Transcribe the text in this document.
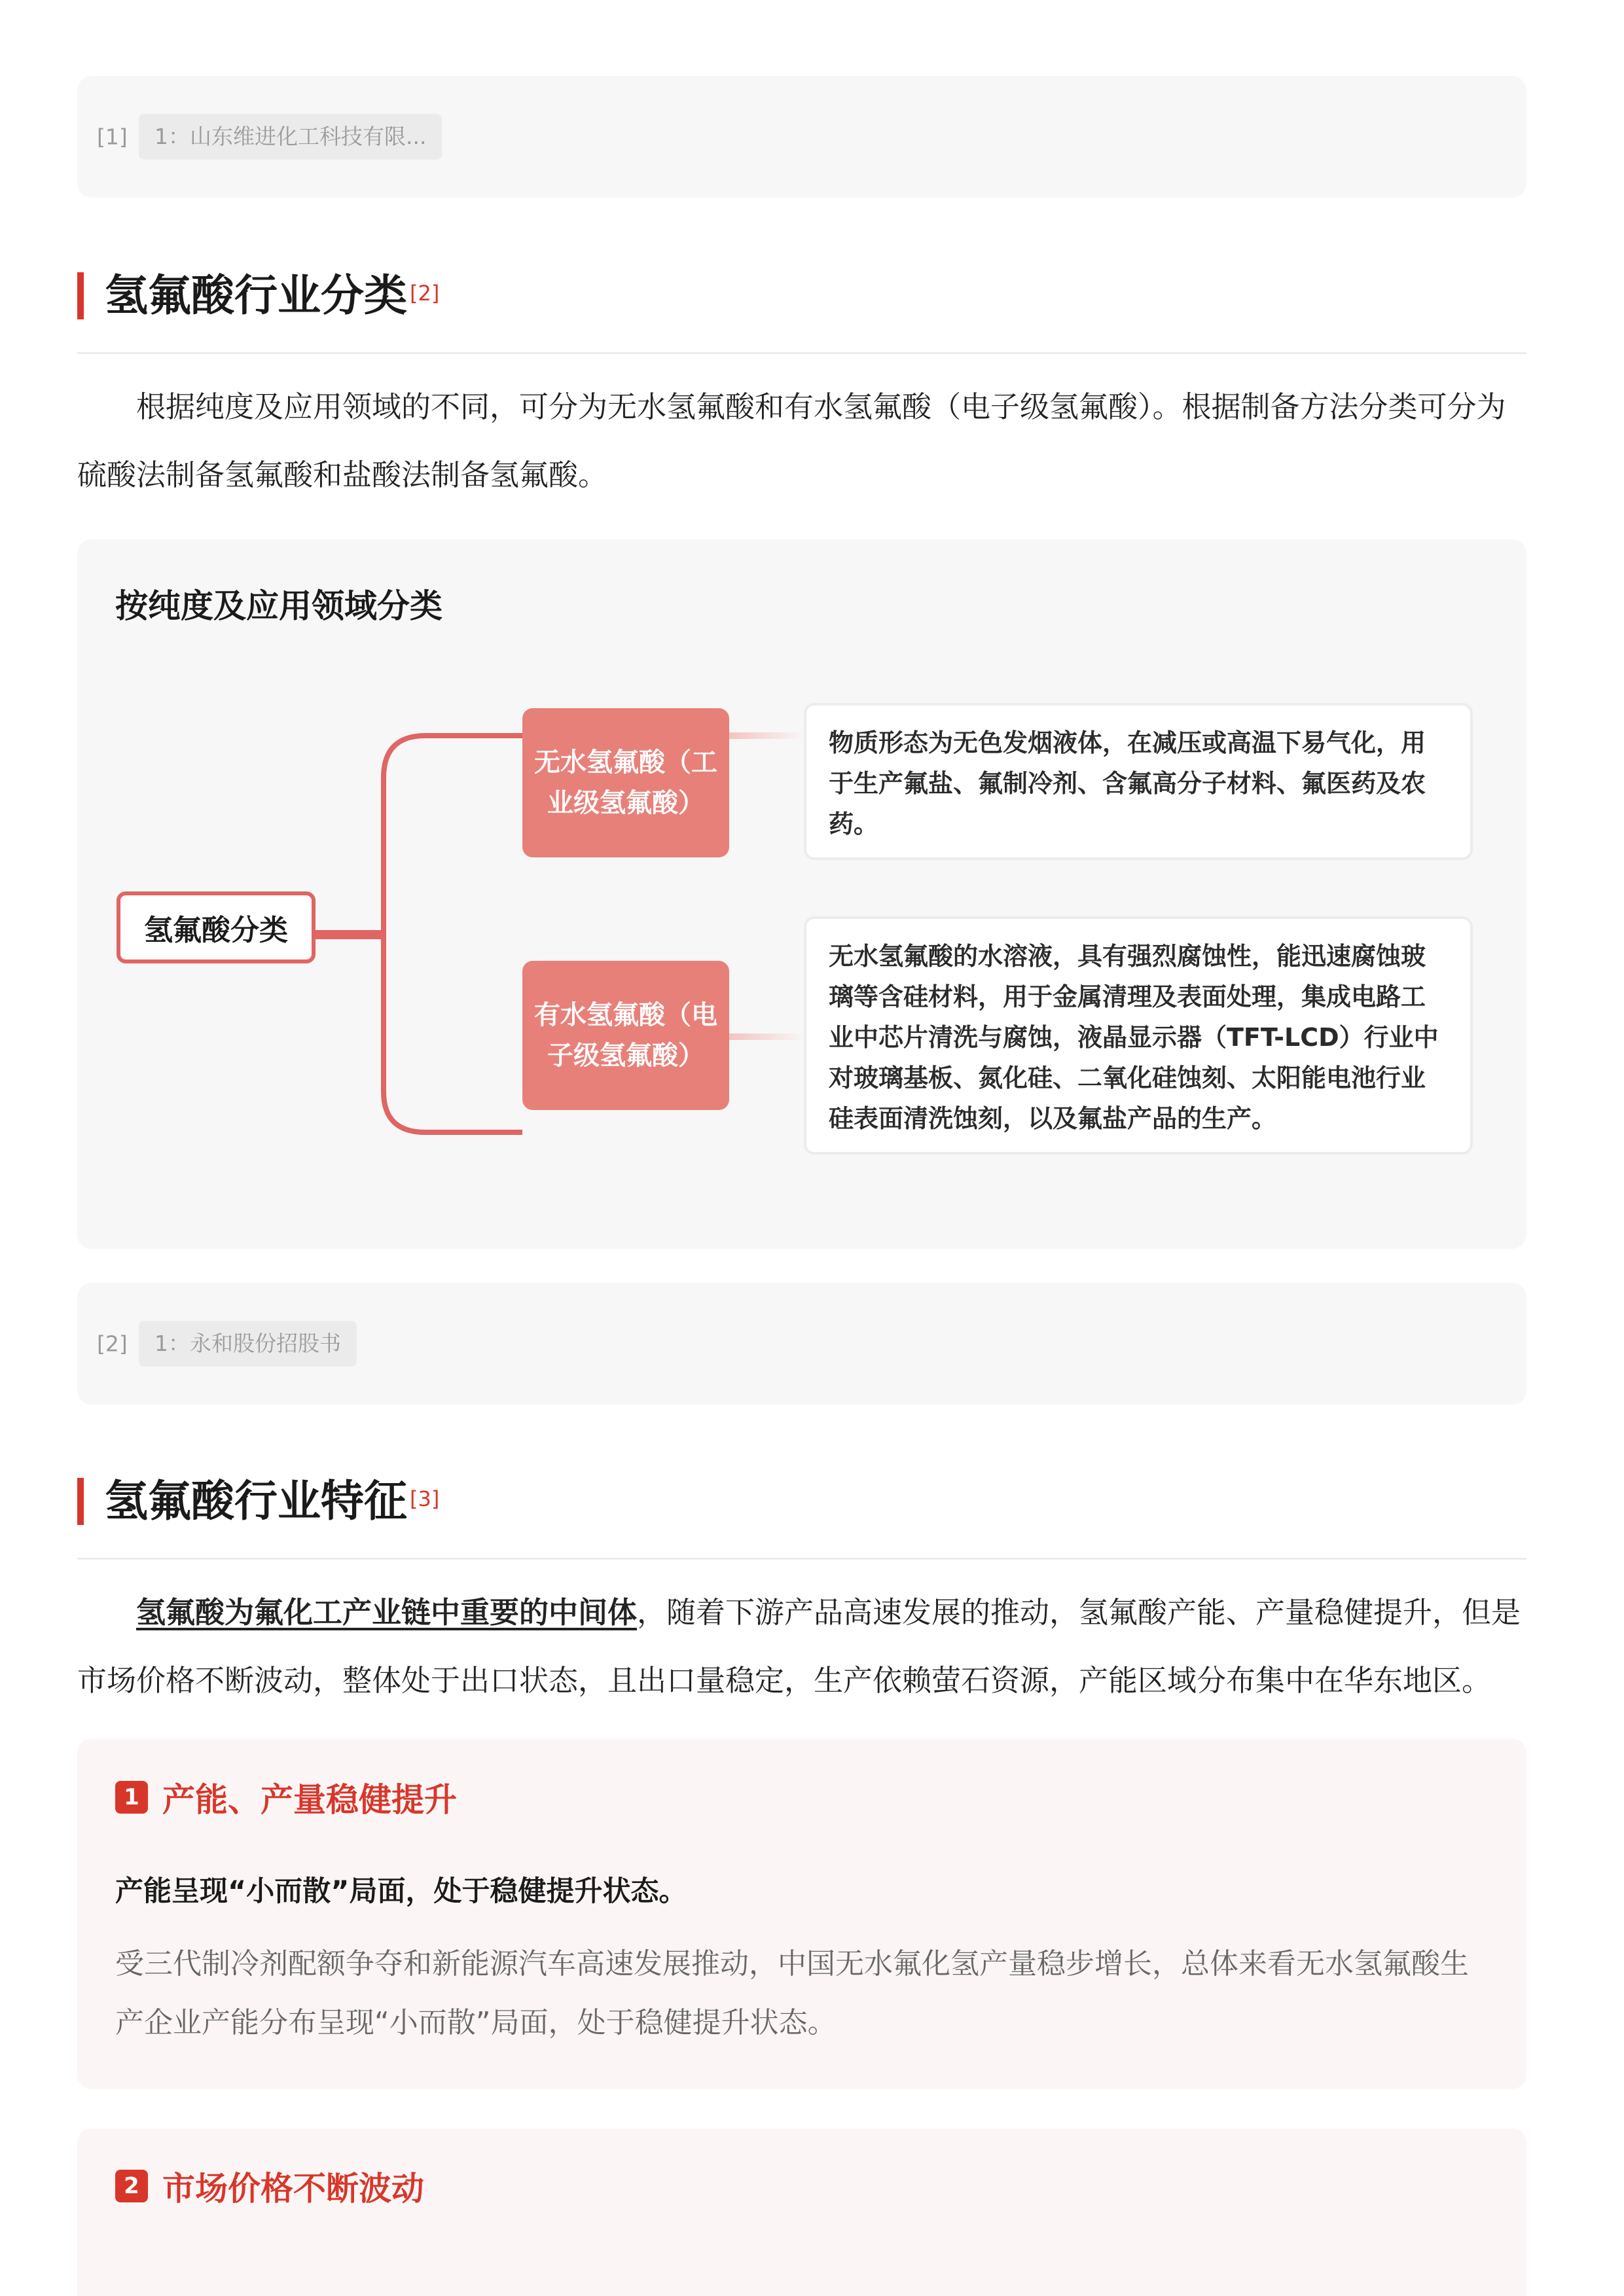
[1]	1：山东维进化工科技有限...
氢氟酸行业分类 [2]
根据纯度及应用领域的不同，可分为无水氢氟酸和有水氢氟酸（电子级氢氟酸）。根据制备方法分类可分为硫酸法制备氢氟酸和盐酸法制备氢氟酸。
按纯度及应用领域分类
氢氟酸分类
无水氢氟酸（工业级氢氟酸）
物质形态为无色发烟液体，在减压或高温下易气化，用于生产氟盐、氟制冷剂、含氟高分子材料、氟医药及农药。
有水氢氟酸（电子级氢氟酸）
无水氢氟酸的水溶液，具有强烈腐蚀性，能迅速腐蚀玻璃等含硅材料，用于金属清理及表面处理，集成电路工业中芯片清洗与腐蚀，液晶显示器（TFT-LCD）行业中对玻璃基板、氮化硅、二氧化硅蚀刻、太阳能电池行业硅表面清洗蚀刻，以及氟盐产品的生产。
[2]	1：永和股份招股书
氢氟酸行业特征 [3]
氢氟酸为氟化工产业链中重要的中间体，随着下游产品高速发展的推动，氢氟酸产能、产量稳健提升，但是市场价格不断波动，整体处于出口状态，且出口量稳定，生产依赖萤石资源，产能区域分布集中在华东地区。
1 产能、产量稳健提升
产能呈现“小而散”局面，处于稳健提升状态。
受三代制冷剂配额争夺和新能源汽车高速发展推动，中国无水氟化氢产量稳步增长，总体来看无水氢氟酸生产企业产能分布呈现“小而散”局面，处于稳健提升状态。
2 市场价格不断波动
